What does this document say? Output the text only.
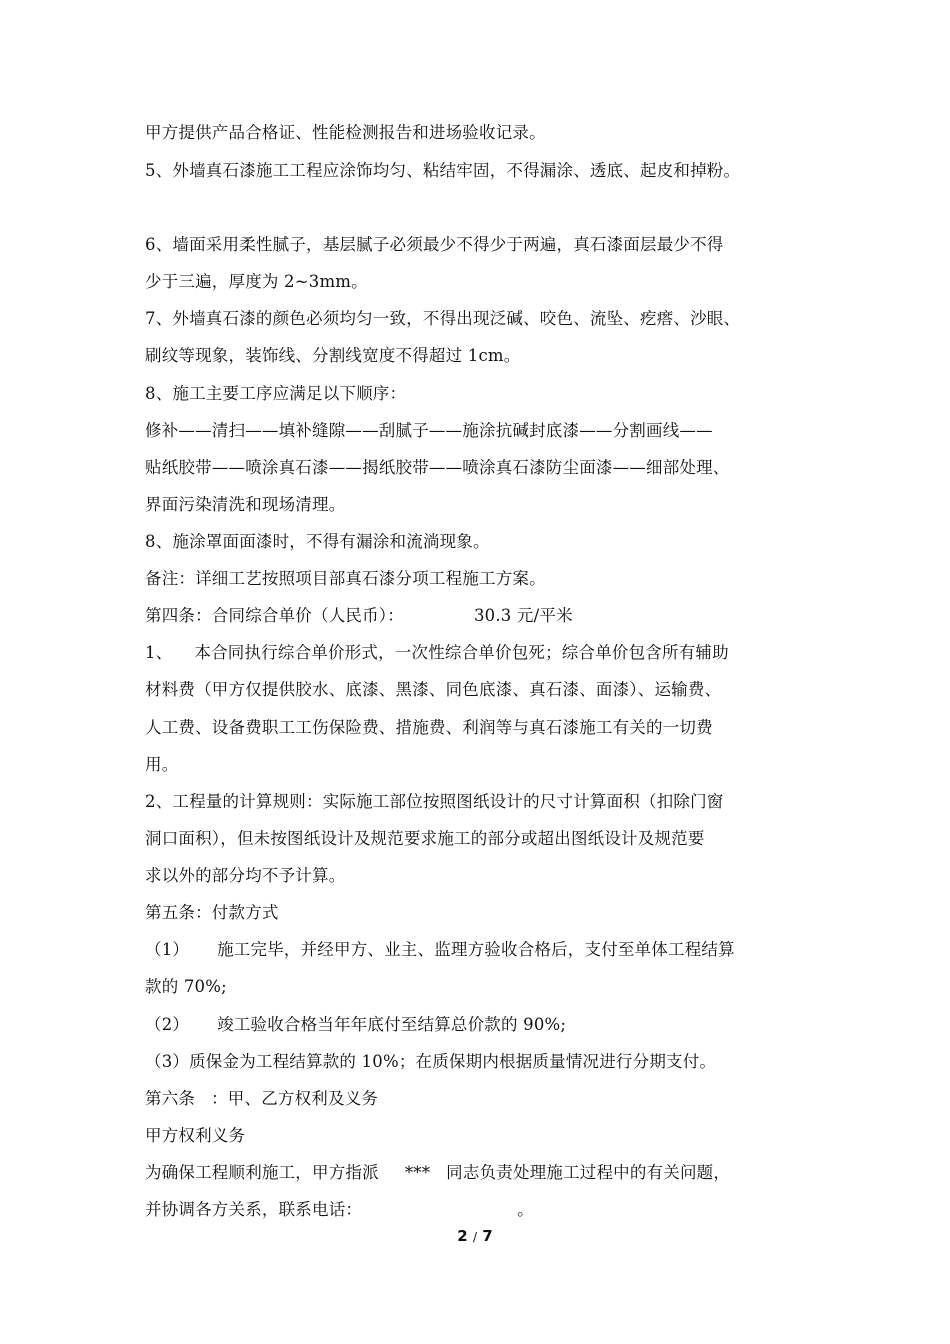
甲方提供产品合格证、性能检测报告和进场验收记录。
5、外墙真石漆施工工程应涂饰均匀、粘结牢固，不得漏涂、透底、起皮和掉粉。
6、墙面采用柔性腻子，基层腻子必须最少不得少于两遍，真石漆面层最少不得
少于三遍，厚度为 2~3mm。
7、外墙真石漆的颜色必须均匀一致，不得出现泛碱、咬色、流坠、疙瘩、沙眼、
刷纹等现象，装饰线、分割线宽度不得超过 1cm。
8、施工主要工序应满足以下顺序：
修补——清扫——填补缝隙——刮腻子——施涂抗碱封底漆——分割画线——
贴纸胶带——喷涂真石漆——揭纸胶带——喷涂真石漆防尘面漆——细部处理、
界面污染清洗和现场清理。
8、施涂罩面面漆时，不得有漏涂和流淌现象。
备注：详细工艺按照项目部真石漆分项工程施工方案。
第四条：合同综合单价（人民币）：	30.3 元/平米
1、 本合同执行综合单价形式，一次性综合单价包死；综合单价包含所有辅助
材料费（甲方仅提供胶水、底漆、黑漆、同色底漆、真石漆、面漆）、运输费、
人工费、设备费职工工伤保险费、措施费、利润等与真石漆施工有关的一切费
用。
2、工程量的计算规则：实际施工部位按照图纸设计的尺寸计算面积（扣除门窗
洞口面积），但未按图纸设计及规范要求施工的部分或超出图纸设计及规范要
求以外的部分均不予计算。
第五条：付款方式
（1） 施工完毕，并经甲方、业主、监理方验收合格后，支付至单体工程结算
款的 70%;
（2） 竣工验收合格当年年底付至结算总价款的 90%;
（3）质保金为工程结算款的 10%；在质保期内根据质量情况进行分期支付。
第六条 ：甲、乙方权利及义务
甲方权利义务
为确保工程顺利施工，甲方指派 *** 同志负责处理施工过程中的有关问题，
并协调各方关系，联系电话：	。
2 / 7
